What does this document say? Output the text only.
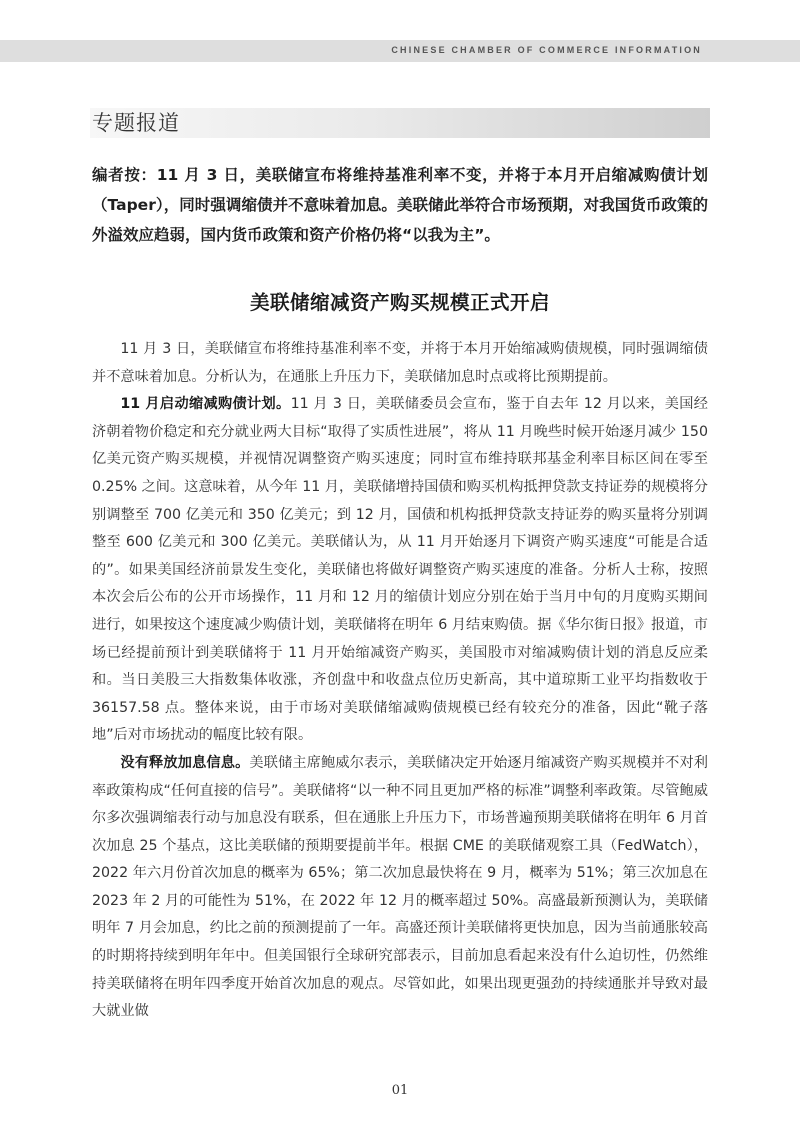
CHINESE CHAMBER OF COMMERCE INFORMATION
专题报道
编者按：11 月 3 日，美联储宣布将维持基准利率不变，并将于本月开启缩减购债计划（Taper），同时强调缩债并不意味着加息。美联储此举符合市场预期，对我国货币政策的外溢效应趋弱，国内货币政策和资产价格仍将“以我为主”。
美联储缩减资产购买规模正式开启

11 月 3 日，美联储宣布将维持基准利率不变，并将于本月开始缩减购债规模，同时强调缩债并不意味着加息。分析认为，在通胀上升压力下，美联储加息时点或将比预期提前。

11 月启动缩减购债计划。11 月 3 日，美联储委员会宣布，鉴于自去年 12 月以来，美国经济朝着物价稳定和充分就业两大目标“取得了实质性进展”，将从 11 月晚些时候开始逐月减少 150 亿美元资产购买规模，并视情况调整资产购买速度；同时宣布维持联邦基金利率目标区间在零至 0.25% 之间。这意味着，从今年 11 月，美联储增持国债和购买机构抵押贷款支持证券的规模将分别调整至 700 亿美元和 350 亿美元；到 12 月，国债和机构抵押贷款支持证券的购买量将分别调整至 600 亿美元和 300 亿美元。美联储认为，从 11 月开始逐月下调资产购买速度“可能是合适的”。如果美国经济前景发生变化，美联储也将做好调整资产购买速度的准备。分析人士称，按照本次会后公布的公开市场操作，11 月和 12 月的缩债计划应分别在始于当月中旬的月度购买期间进行，如果按这个速度减少购债计划，美联储将在明年 6 月结束购债。据《华尔街日报》报道，市场已经提前预计到美联储将于 11 月开始缩减资产购买，美国股市对缩减购债计划的消息反应柔和。当日美股三大指数集体收涨，齐创盘中和收盘点位历史新高，其中道琼斯工业平均指数收于 36157.58 点。整体来说，由于市场对美联储缩减购债规模已经有较充分的准备，因此“靴子落地”后对市场扰动的幅度比较有限。

没有释放加息信息。美联储主席鲍威尔表示，美联储决定开始逐月缩减资产购买规模并不对利率政策构成“任何直接的信号”。美联储将“以一种不同且更加严格的标准”调整利率政策。尽管鲍威尔多次强调缩表行动与加息没有联系，但在通胀上升压力下，市场普遍预期美联储将在明年 6 月首次加息 25 个基点，这比美联储的预期要提前半年。根据 CME 的美联储观察工具（FedWatch），2022 年六月份首次加息的概率为 65%；第二次加息最快将在 9 月，概率为 51%；第三次加息在 2023 年 2 月的可能性为 51%，在 2022 年 12 月的概率超过 50%。高盛最新预测认为，美联储明年 7 月会加息，约比之前的预测提前了一年。高盛还预计美联储将更快加息，因为当前通胀较高的时期将持续到明年年中。但美国银行全球研究部表示，目前加息看起来没有什么迫切性，仍然维持美联储将在明年四季度开始首次加息的观点。尽管如此，如果出现更强劲的持续通胀并导致对最大就业做

01
